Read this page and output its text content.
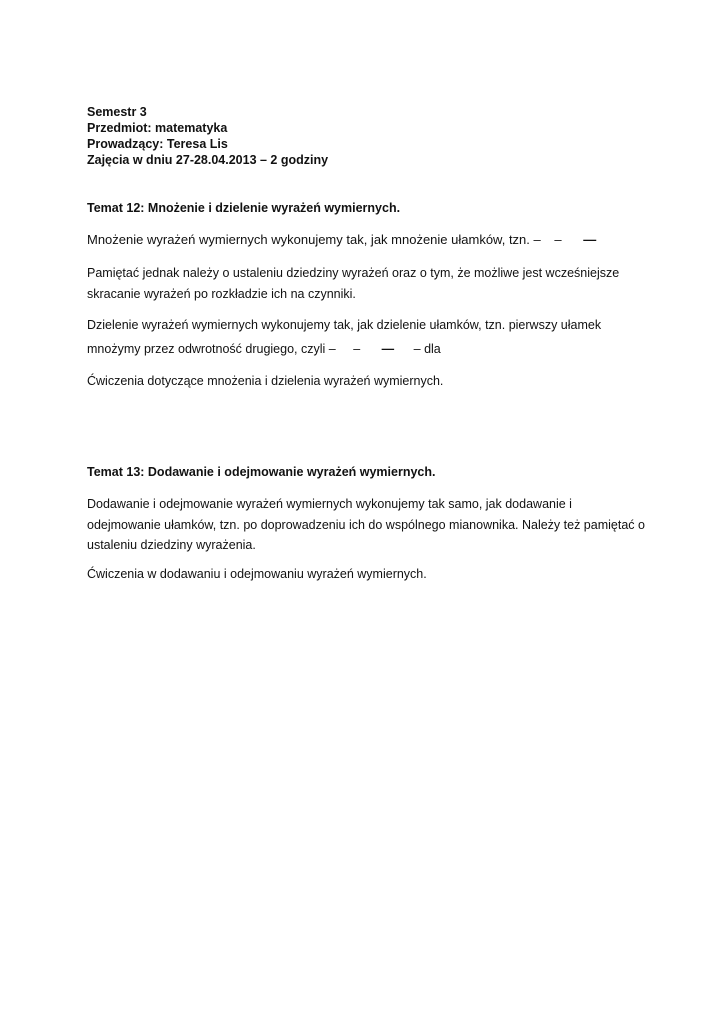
Semestr 3
Przedmiot: matematyka
Prowadzący: Teresa Lis
Zajęcia w dniu 27-28.04.2013 – 2 godziny
Temat 12: Mnożenie i dzielenie wyrażeń wymiernych.
Mnożenie wyrażeń wymiernych wykonujemy tak, jak mnożenie ułamków, tzn. – – —
Pamiętać jednak należy o ustaleniu dziedziny wyrażeń oraz o tym, że możliwe jest wcześniejsze skracanie wyrażeń po rozkładzie ich na czynniki.
Dzielenie wyrażeń wymiernych wykonujemy tak, jak dzielenie ułamków, tzn. pierwszy ułamek
mnożymy przez odwrotność drugiego, czyli – – — – dla
Ćwiczenia dotyczące mnożenia i dzielenia wyrażeń wymiernych.
Temat 13: Dodawanie i odejmowanie wyrażeń wymiernych.
Dodawanie i odejmowanie wyrażeń wymiernych wykonujemy tak samo, jak dodawanie i odejmowanie ułamków, tzn. po doprowadzeniu ich do wspólnego mianownika. Należy też pamiętać o ustaleniu dziedziny wyrażenia.
Ćwiczenia w dodawaniu i odejmowaniu wyrażeń wymiernych.
